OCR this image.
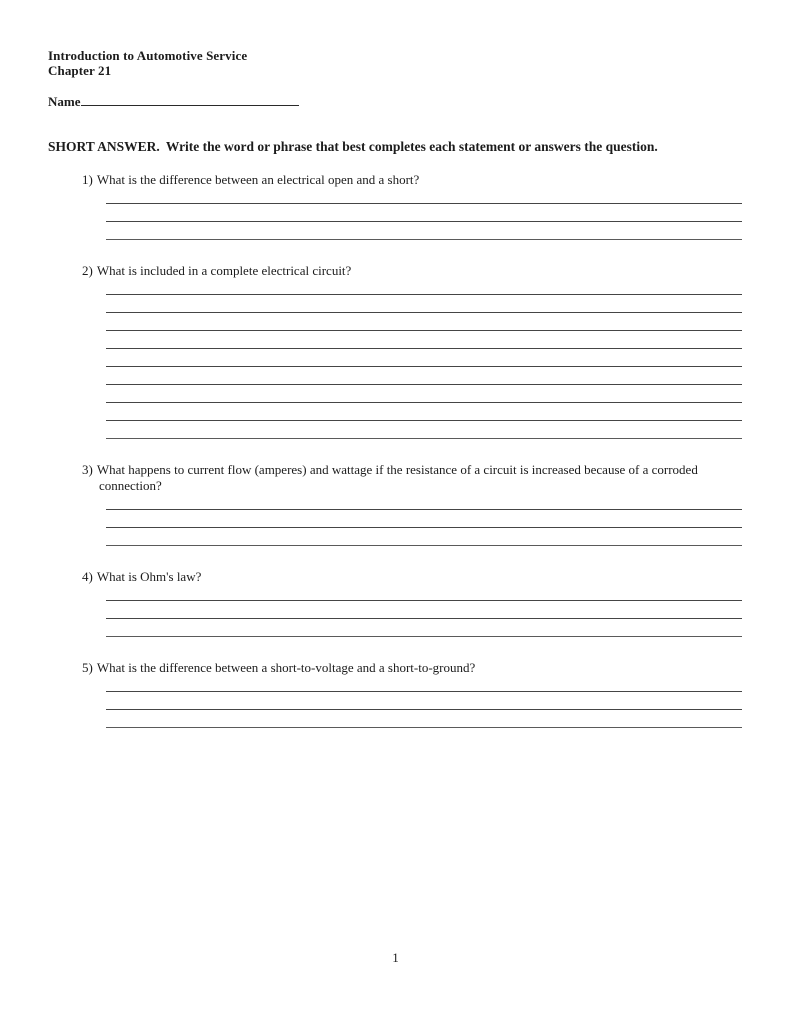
Introduction to Automotive Service
Chapter 21
Name

SHORT ANSWER. Write the word or phrase that best completes each statement or answers the question.

1) What is the difference between an electrical open and a short?

2) What is included in a complete electrical circuit?

3) What happens to current flow (amperes) and wattage if the resistance of a circuit is increased because of a corroded connection?

4) What is Ohm's law?

5) What is the difference between a short-to-voltage and a short-to-ground?

1
